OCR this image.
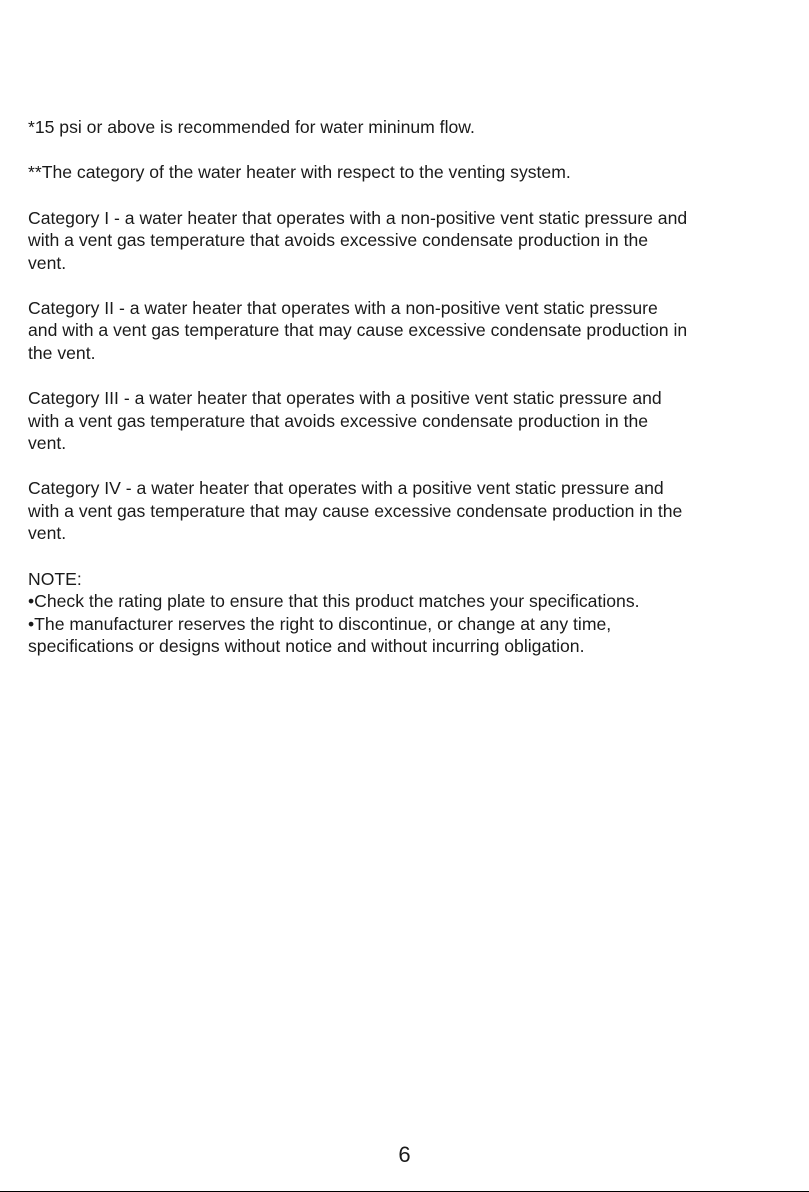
*15 psi or above is recommended for water mininum flow.

**The category of the water heater with respect to the venting system.

Category I - a water heater that operates with a non-positive vent static pressure and
with a vent gas temperature that avoids excessive condensate production in the
vent.

Category II - a water heater that operates with a non-positive vent static pressure
and with a vent gas temperature that may cause excessive condensate production in
the vent.

Category III - a water heater that operates with a positive vent static pressure and
with a vent gas temperature that avoids excessive condensate production in the
vent.

Category IV - a water heater that operates with a positive vent static pressure and
with a vent gas temperature that may cause excessive condensate production in the
vent.

NOTE:
•Check the rating plate to ensure that this product matches your specifications.
•The manufacturer reserves the right to discontinue, or change at any time,
specifications or designs without notice and without incurring obligation.
6
